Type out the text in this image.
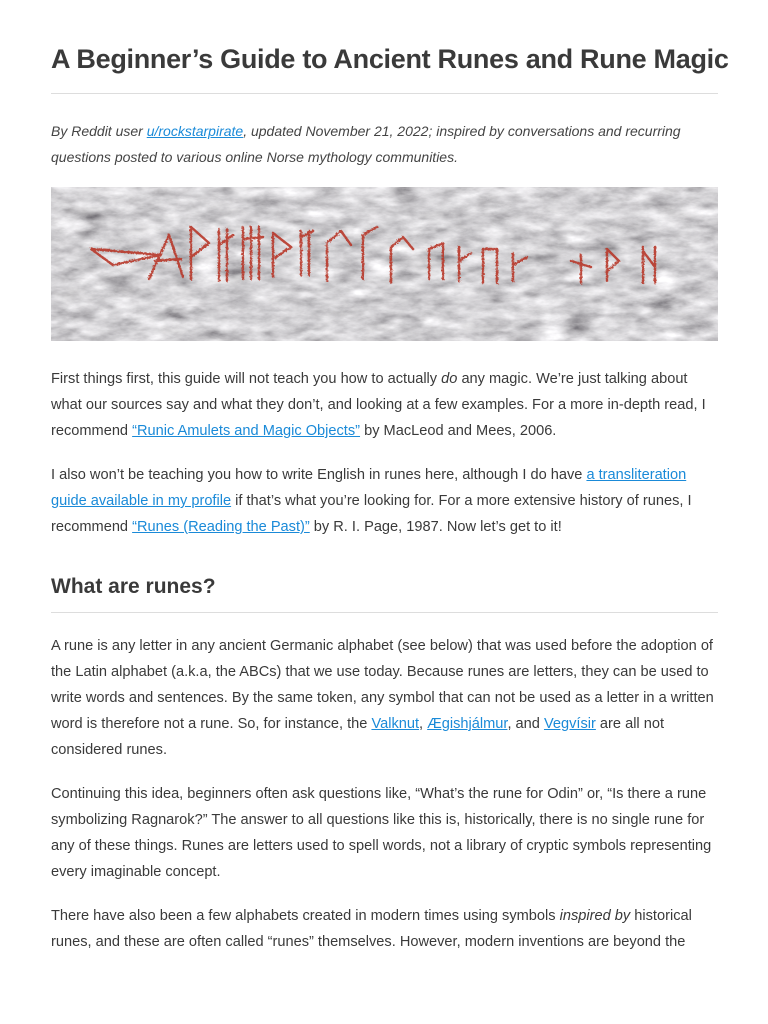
A Beginner’s Guide to Ancient Runes and Rune Magic

By Reddit user u/rockstarpirate, updated November 21, 2022; inspired by conversations and recurring questions posted to various online Norse mythology communities.

First things first, this guide will not teach you how to actually do any magic. We’re just talking about what our sources say and what they don’t, and looking at a few examples. For a more in-depth read, I recommend “Runic Amulets and Magic Objects” by MacLeod and Mees, 2006.

I also won’t be teaching you how to write English in runes here, although I do have a transliteration guide available in my profile if that’s what you’re looking for. For a more extensive history of runes, I recommend “Runes (Reading the Past)” by R. I. Page, 1987. Now let’s get to it!

What are runes?

A rune is any letter in any ancient Germanic alphabet (see below) that was used before the adoption of the Latin alphabet (a.k.a, the ABCs) that we use today. Because runes are letters, they can be used to write words and sentences. By the same token, any symbol that can not be used as a letter in a written word is therefore not a rune. So, for instance, the Valknut, Ægishjálmur, and Vegvísir are all not considered runes.

Continuing this idea, beginners often ask questions like, “What’s the rune for Odin” or, “Is there a rune symbolizing Ragnarok?” The answer to all questions like this is, historically, there is no single rune for any of these things. Runes are letters used to spell words, not a library of cryptic symbols representing every imaginable concept.

There have also been a few alphabets created in modern times using symbols inspired by historical runes, and these are often called “runes” themselves. However, modern inventions are beyond the
